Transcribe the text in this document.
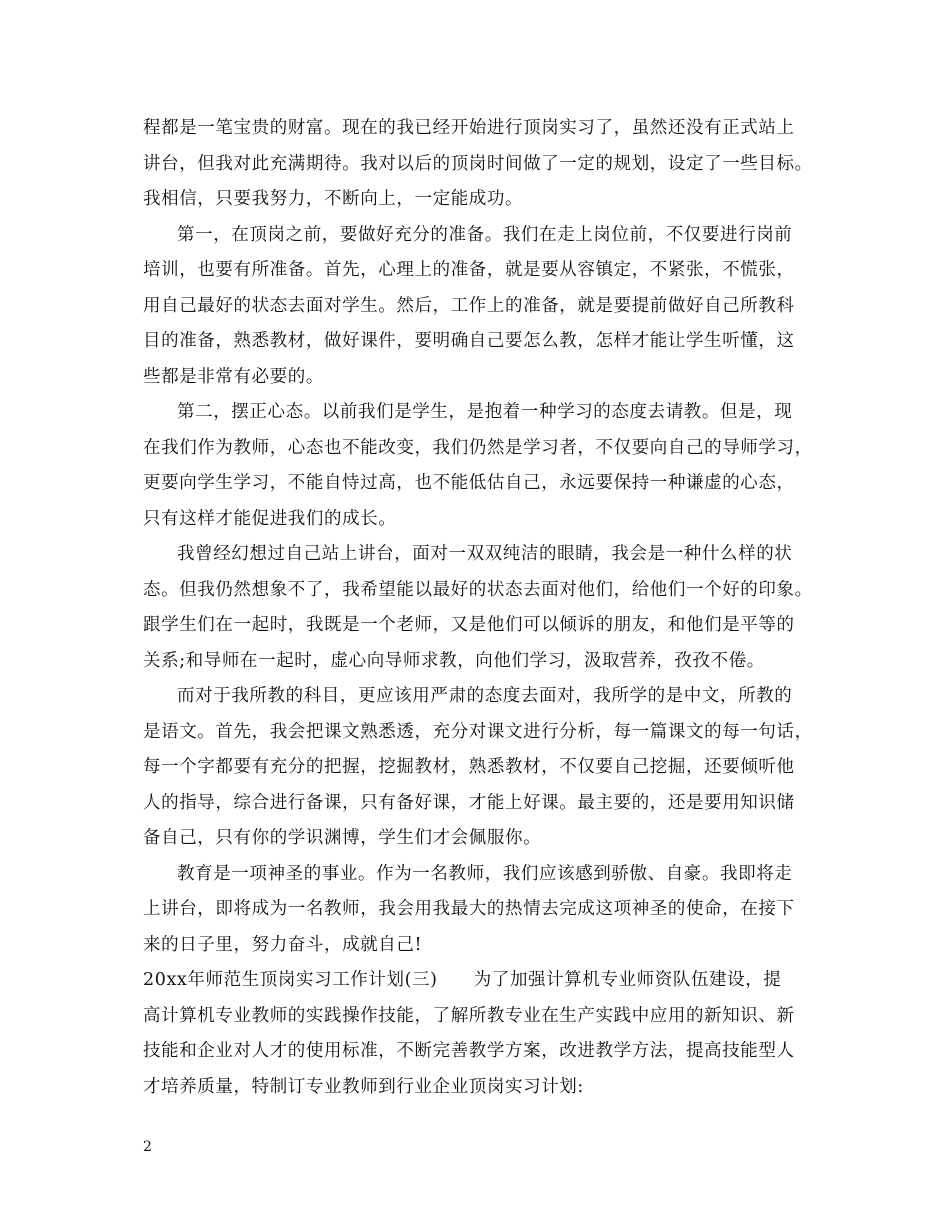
程都是一笔宝贵的财富。现在的我已经开始进行顶岗实习了，虽然还没有正式站上
讲台，但我对此充满期待。我对以后的顶岗时间做了一定的规划，设定了一些目标。
我相信，只要我努力，不断向上，一定能成功。
第一，在顶岗之前，要做好充分的准备。我们在走上岗位前，不仅要进行岗前
培训，也要有所准备。首先，心理上的准备，就是要从容镇定，不紧张，不慌张，
用自己最好的状态去面对学生。然后，工作上的准备，就是要提前做好自己所教科
目的准备，熟悉教材，做好课件，要明确自己要怎么教，怎样才能让学生听懂，这
些都是非常有必要的。
第二，摆正心态。以前我们是学生，是抱着一种学习的态度去请教。但是，现
在我们作为教师，心态也不能改变，我们仍然是学习者，不仅要向自己的导师学习，
更要向学生学习，不能自恃过高，也不能低估自己，永远要保持一种谦虚的心态，
只有这样才能促进我们的成长。
我曾经幻想过自己站上讲台，面对一双双纯洁的眼睛，我会是一种什么样的状
态。但我仍然想象不了，我希望能以最好的状态去面对他们，给他们一个好的印象。
跟学生们在一起时，我既是一个老师，又是他们可以倾诉的朋友，和他们是平等的
关系;和导师在一起时，虚心向导师求教，向他们学习，汲取营养，孜孜不倦。
而对于我所教的科目，更应该用严肃的态度去面对，我所学的是中文，所教的
是语文。首先，我会把课文熟悉透，充分对课文进行分析，每一篇课文的每一句话，
每一个字都要有充分的把握，挖掘教材，熟悉教材，不仅要自己挖掘，还要倾听他
人的指导，综合进行备课，只有备好课，才能上好课。最主要的，还是要用知识储
备自己，只有你的学识渊博，学生们才会佩服你。
教育是一项神圣的事业。作为一名教师，我们应该感到骄傲、自豪。我即将走
上讲台，即将成为一名教师，我会用我最大的热情去完成这项神圣的使命，在接下
来的日子里，努力奋斗，成就自己!
20xx年师范生顶岗实习工作计划(三)　　为了加强计算机专业师资队伍建设，提
高计算机专业教师的实践操作技能，了解所教专业在生产实践中应用的新知识、新
技能和企业对人才的使用标准，不断完善教学方案，改进教学方法，提高技能型人
才培养质量，特制订专业教师到行业企业顶岗实习计划:
2
